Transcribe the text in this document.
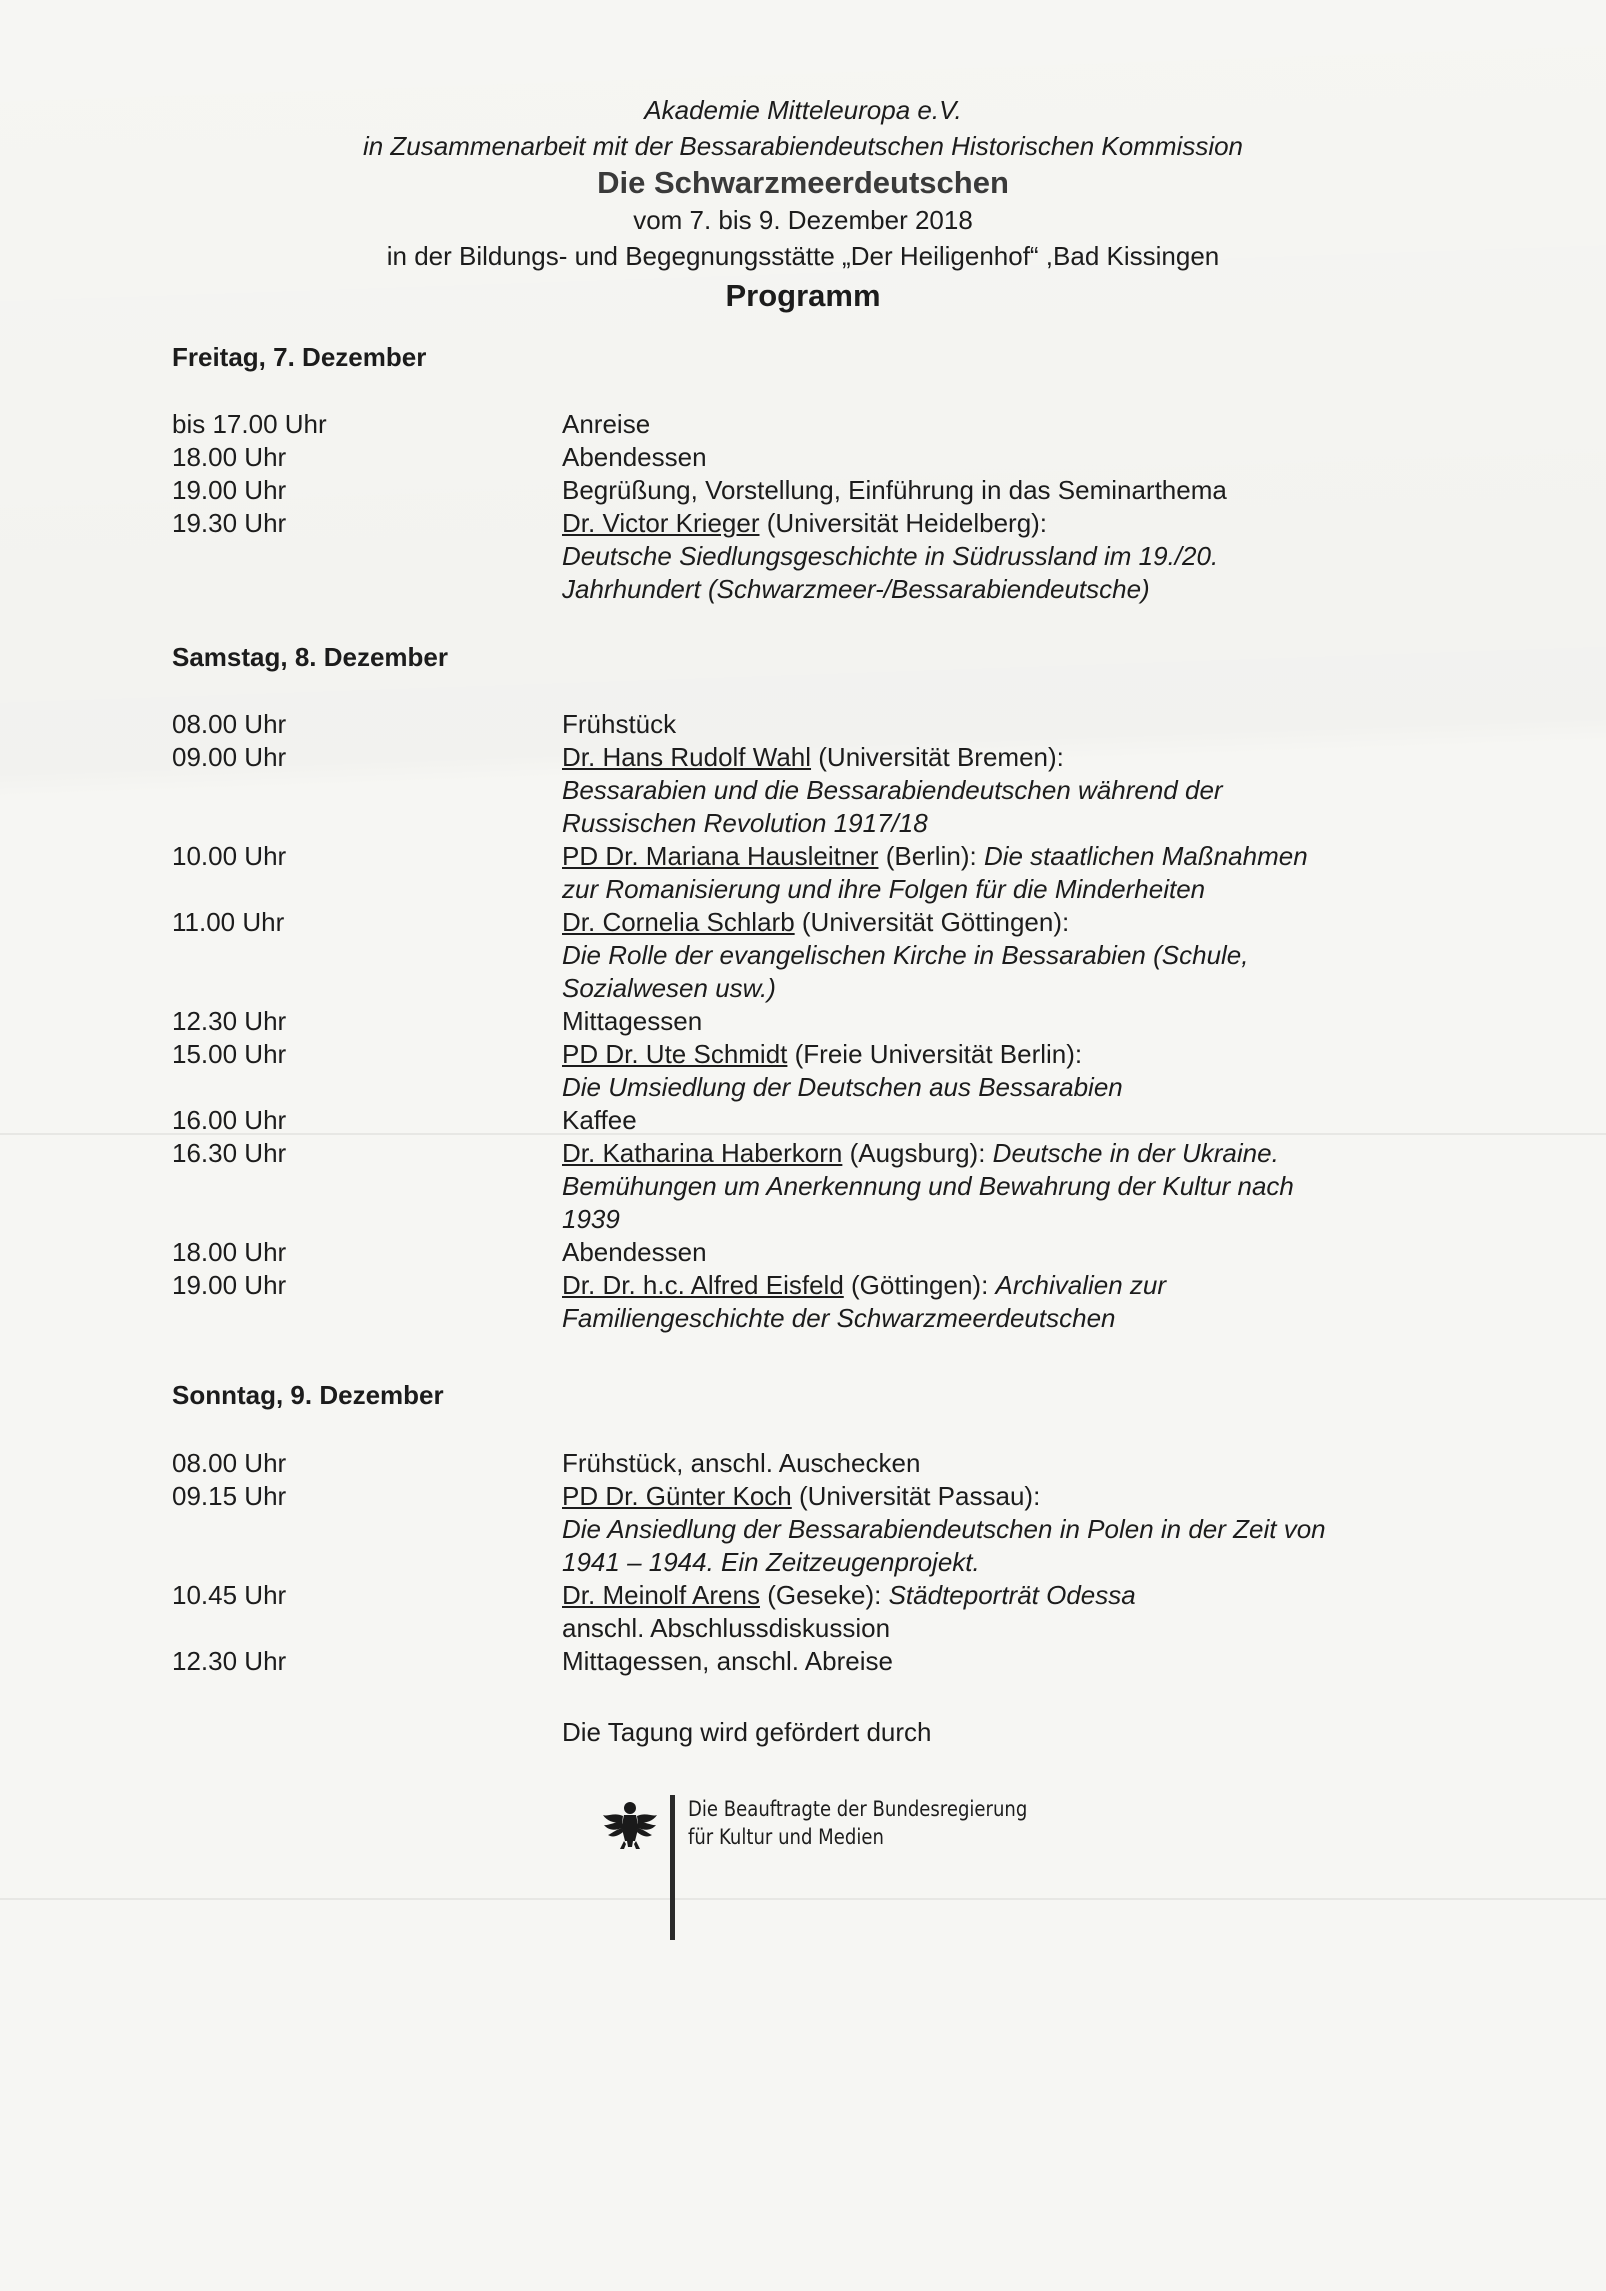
Akademie Mitteleuropa e.V.
in Zusammenarbeit mit der Bessarabiendeutschen Historischen Kommission
Die Schwarzmeerdeutschen
vom 7. bis 9. Dezember 2018
in der Bildungs- und Begegnungsstätte „Der Heiligenhof“ ,Bad Kissingen
Programm
Freitag, 7. Dezember
bis 17.00 Uhr	Anreise
18.00 Uhr	Abendessen
19.00 Uhr	Begrüßung, Vorstellung, Einführung in das Seminarthema
19.30 Uhr	Dr. Victor Krieger (Universität Heidelberg):
Deutsche Siedlungsgeschichte in Südrussland im 19./20.
Jahrhundert (Schwarzmeer-/Bessarabiendeutsche)
Samstag, 8. Dezember
08.00 Uhr	Frühstück
09.00 Uhr	Dr. Hans Rudolf Wahl (Universität Bremen):
Bessarabien und die Bessarabiendeutschen während der
Russischen Revolution 1917/18
10.00 Uhr	PD Dr. Mariana Hausleitner (Berlin): Die staatlichen Maßnahmen
zur Romanisierung und ihre Folgen für die Minderheiten
11.00 Uhr	Dr. Cornelia Schlarb (Universität Göttingen):
Die Rolle der evangelischen Kirche in Bessarabien (Schule,
Sozialwesen usw.)
12.30 Uhr	Mittagessen
15.00 Uhr	PD Dr. Ute Schmidt (Freie Universität Berlin):
Die Umsiedlung der Deutschen aus Bessarabien
16.00 Uhr	Kaffee
16.30 Uhr	Dr. Katharina Haberkorn (Augsburg): Deutsche in der Ukraine.
Bemühungen um Anerkennung und Bewahrung der Kultur nach
1939
18.00 Uhr	Abendessen
19.00 Uhr	Dr. Dr. h.c. Alfred Eisfeld (Göttingen): Archivalien zur
Familiengeschichte der Schwarzmeerdeutschen
Sonntag, 9. Dezember
08.00 Uhr	Frühstück, anschl. Auschecken
09.15 Uhr	PD Dr. Günter Koch (Universität Passau):
Die Ansiedlung der Bessarabiendeutschen in Polen in der Zeit von
1941 – 1944. Ein Zeitzeugenprojekt.
10.45 Uhr	Dr. Meinolf Arens (Geseke): Städteporträt Odessa
anschl. Abschlussdiskussion
12.30 Uhr	Mittagessen, anschl. Abreise
Die Tagung wird gefördert durch
Die Beauftragte der Bundesregierung
für Kultur und Medien
